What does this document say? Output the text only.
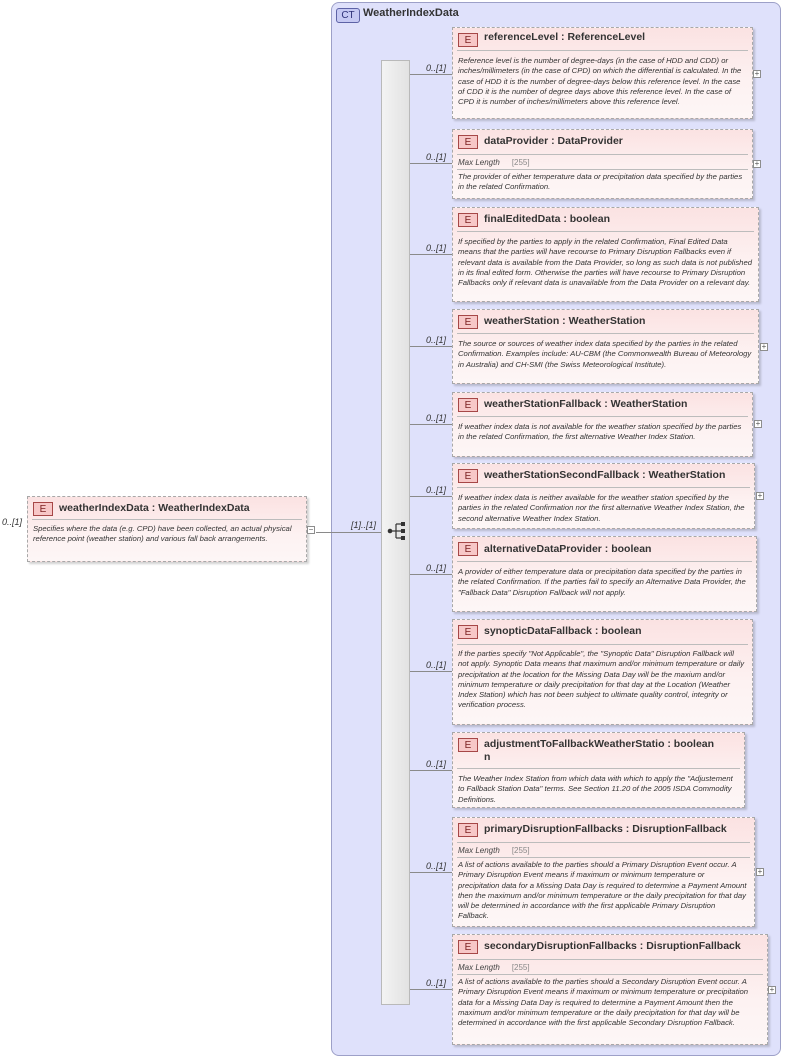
CT WeatherIndexData
0..[1]
E	weatherIndexData : WeatherIndexData
Specifies where the data (e.g. CPD) have been collected, an actual physical reference point (weather station) and various fall back arrangements.
−	[1]..[1]
0..[1]
E	referenceLevel : ReferenceLevel
Reference level is the number of degree-days (in the case of HDD and CDD) or inches/millimeters (in the case of CPD) on which the differential is calculated. In the case of HDD it is the number of degree-days below this reference level. In the case of CDD it is the number of degree days above this reference level. In the case of CPD it is number of inches/millimeters above this reference level.
+
0..[1]
E	dataProvider : DataProvider
Max Length [255]
The provider of either temperature data or precipitation data specified by the parties in the related Confirmation.
+
0..[1]
E	finalEditedData : boolean
If specified by the parties to apply in the related Confirmation, Final Edited Data means that the parties will have recourse to Primary Disruption Fallbacks even if relevant data is available from the Data Provider, so long as such data is not published in its final edited form. Otherwise the parties will have recourse to Primary Disruption Fallbacks only if relevant data is unavailable from the Data Provider on a relevant day.
0..[1]
E	weatherStation : WeatherStation
The source or sources of weather index data specified by the parties in the related Confirmation. Examples include: AU-CBM (the Commonwealth Bureau of Meteorology in Australia) and CH-SMI (the Swiss Meteorological Institute).
+
0..[1]
E	weatherStationFallback : WeatherStation
If weather index data is not available for the weather station specified by the parties in the related Confirmation, the first alternative Weather Index Station.
+
0..[1]
E	weatherStationSecondFallback : WeatherStation
If weather index data is neither available for the weather station specified by the parties in the related Confirmation nor the first alternative Weather Index Station, the second alternative Weather Index Station.
+
0..[1]
E	alternativeDataProvider : boolean
A provider of either temperature data or precipitation data specified by the parties in the related Confirmation. If the parties fail to specify an Alternative Data Provider, the "Fallback Data" Disruption Fallback will not apply.
0..[1]
E	synopticDataFallback : boolean
If the parties specify "Not Applicable", the "Synoptic Data" Disruption Fallback will not apply. Synoptic Data means that maximum and/or minimum temperature or daily precipitation at the location for the Missing Data Day will be the maxium and/or minimum temperature or daily precipitation for that day at the Location (Weather Index Station) which has not been subject to ultimate quality control, integrity or verification process.
0..[1]
E	adjustmentToFallbackWeatherStatio : boolean
n
The Weather Index Station from which data with which to apply the "Adjustement to Fallback Station Data" terms. See Section 11.20 of the 2005 ISDA Commodity Definitions.
0..[1]
E	primaryDisruptionFallbacks : DisruptionFallback
Max Length [255]
A list of actions available to the parties should a Primary Disruption Event occur. A Primary Disruption Event means if maximum or minimum temperature or precipitation data for a Missing Data Day is required to determine a Payment Amount then the maximum and/or minimum temperature or the daily precipitation for that day will be determined in accordance with the first applicable Primary Disruption Fallback.
+
0..[1]
E	secondaryDisruptionFallbacks : DisruptionFallback
Max Length [255]
A list of actions available to the parties should a Secondary Disruption Event occur. A Primary Disruption Event means if maximum or minimum temperature or precipitation data for a Missing Data Day is required to determine a Payment Amount then the maximum and/or minimum temperature or the daily precipitation for that day will be determined in accordance with the first applicable Secondary Disruption Fallback.
+
